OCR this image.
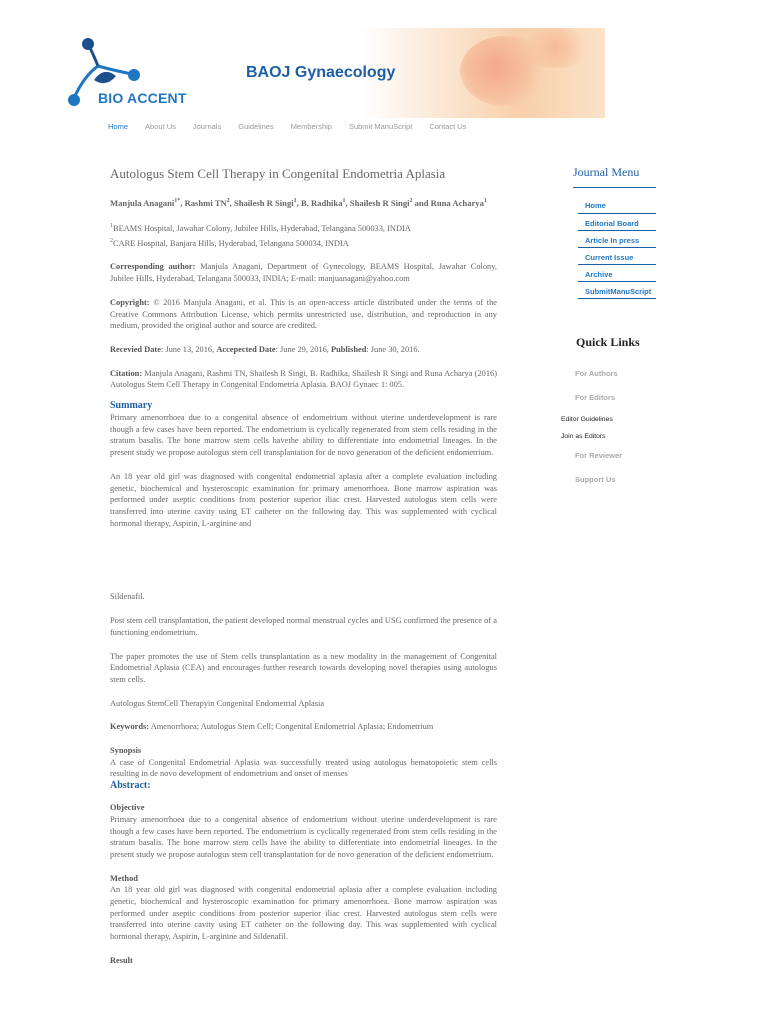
BIO ACCENT
BAOJ Gynaecology
Home About Us Journals Guidelines Membership Submit ManuScript Contact Us
Autologus Stem Cell Therapy in Congenital Endometria Aplasia
Manjula Anagani$^{1*}$, Rashmi $TN^2$, Shailesh R Singi$^1$, B. Radhika$^1$, Shailesh R Singi$^2$ and Runa Acharya$^1$
$^1$BEAMS Hospital, Jawahar Colony, Jubilee Hills, Hyderabad, Telangana 500033, INDIA
$^2$CARE Hospital, Banjara Hills, Hyderabad, Telangana 500034, INDIA
Corresponding author: Manjula Anagani, Department of Gynecology, BEAMS Hospital, Jawahar Colony, Jubilee Hills, Hyderabad, Telangana 500033, INDIA; E-mail: manjuanagani@yahoo.com
Copyright: © 2016 Manjula Anagani, et al. This is an open-access article distributed under the terms of the Creative Commons Attribution License, which permits unrestricted use, distribution, and reproduction in any medium, provided the original author and source are credited.
Recevied Date: June 13, 2016, Accepected Date: June 29, 2016, Published: June 30, 2016.
Citation: Manjula Anagani, Rashmi TN, Shailesh R Singi, B. Radhika, Shailesh R Singi and Runa Acharya (2016) Autologus Stem Cell Therapy in Congenital Endometria Aplasia. BAOJ Gynaec 1: 005.
Summary
Primary amenorrhoea due to a congenital absence of endometrium without uterine underdevelopment is rare though a few cases have been reported. The endometrium is cyclically regenerated from stem cells residing in the stratum basalis. The bone marrow stem cells havethe ability to differentiate into endometrial lineages. In the present study we propose autologus stem cell transplantation for de novo generation of the deficient endometrium.
An 18 year old girl was diagnosed with congenital endometrial aplasia after a complete evaluation including genetic, biochemical and hysteroscopic examination for primary amenorrhoea. Bone marrow aspiration was performed under aseptic conditions from posterior superior iliac crest. Harvested autologus stem cells were transferred into uterine cavity using ET catheter on the following day. This was supplemented with cyclical hormonal therapy, Aspirin, L-arginine and
Sildenafil.
Post stem cell transplantation, the patient developed normal menstrual cycles and USG confirmed the presence of a functioning endometrium.
The paper promotes the use of Stem cells transplantation as a new modality in the management of Congenital Endometrial Aplasia (CEA) and encourages further research towards developing novel therapies using autologus stem cells.
Autologus StemCell Therapyin Congenital Endometrial Aplasia
Keywords: Amenorrhoea; Autologus Stem Cell; Congenital Endometrial Aplasia; Endometrium
Synopsis
A case of Congenital Endometrial Aplasia was successfully treated using autologus hematopoietic stem cells resulting in de novo development of endometrium and onset of menses
Abstract:
Objective
Primary amenorrhoea due to a congenital absence of endometrium without uterine underdevelopment is rare though a few cases have been reported. The endometrium is cyclically regenerated from stem cells residing in the stratum basalis. The bone marrow stem cells have the ability to differentiate into endometrial lineages. In the present study we propose autologus stem cell transplantation for de novo generation of the deficient endometrium.
Method
An 18 year old girl was diagnosed with congenital endometrial aplasia after a complete evaluation including genetic, biochemical and hysteroscopic examination for primary amenorrhoea. Bone marrow aspiration was performed under aseptic conditions from posterior superior iliac crest. Harvested autologus stem cells were transferred into uterine cavity using ET catheter on the following day. This was supplemented with cyclical hormonal therapy, Aspirin, L-arginine and Sildenafil.
Result
Journal Menu
Home
Editorial Board
Article In press
Current Issue
Archive
SubmitManuScript
Quick Links
For Authors
For Editors
Editor Guidelines
Join as Editors
For Reviewer
Support Us
